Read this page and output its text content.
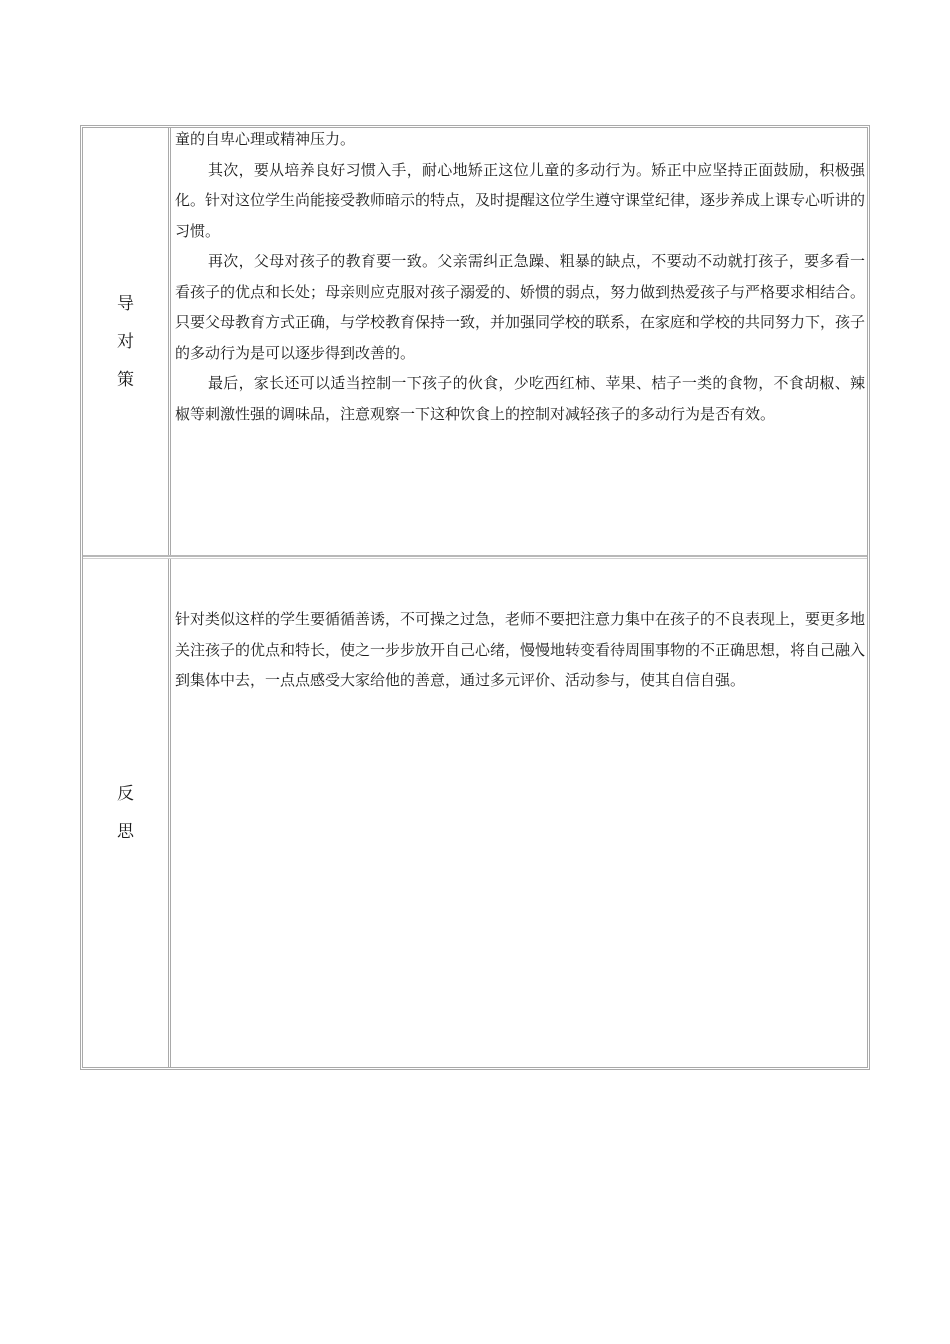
导
对
策

童的自卑心理或精神压力。

其次，要从培养良好习惯入手，耐心地矫正这位儿童的多动行为。矫正中应坚持正面鼓励，积极强化。针对这位学生尚能接受教师暗示的特点，及时提醒这位学生遵守课堂纪律，逐步养成上课专心听讲的习惯。

再次，父母对孩子的教育要一致。父亲需纠正急躁、粗暴的缺点，不要动不动就打孩子，要多看一看孩子的优点和长处；母亲则应克服对孩子溺爱的、娇惯的弱点，努力做到热爱孩子与严格要求相结合。只要父母教育方式正确，与学校教育保持一致，并加强同学校的联系，在家庭和学校的共同努力下，孩子的多动行为是可以逐步得到改善的。

最后，家长还可以适当控制一下孩子的伙食，少吃西红柿、苹果、桔子一类的食物，不食胡椒、辣椒等刺激性强的调味品，注意观察一下这种饮食上的控制对减轻孩子的多动行为是否有效。

反
思

针对类似这样的学生要循循善诱，不可操之过急，老师不要把注意力集中在孩子的不良表现上，要更多地关注孩子的优点和特长，使之一步步放开自己心绪，慢慢地转变看待周围事物的不正确思想，将自己融入到集体中去，一点点感受大家给他的善意，通过多元评价、活动参与，使其自信自强。
